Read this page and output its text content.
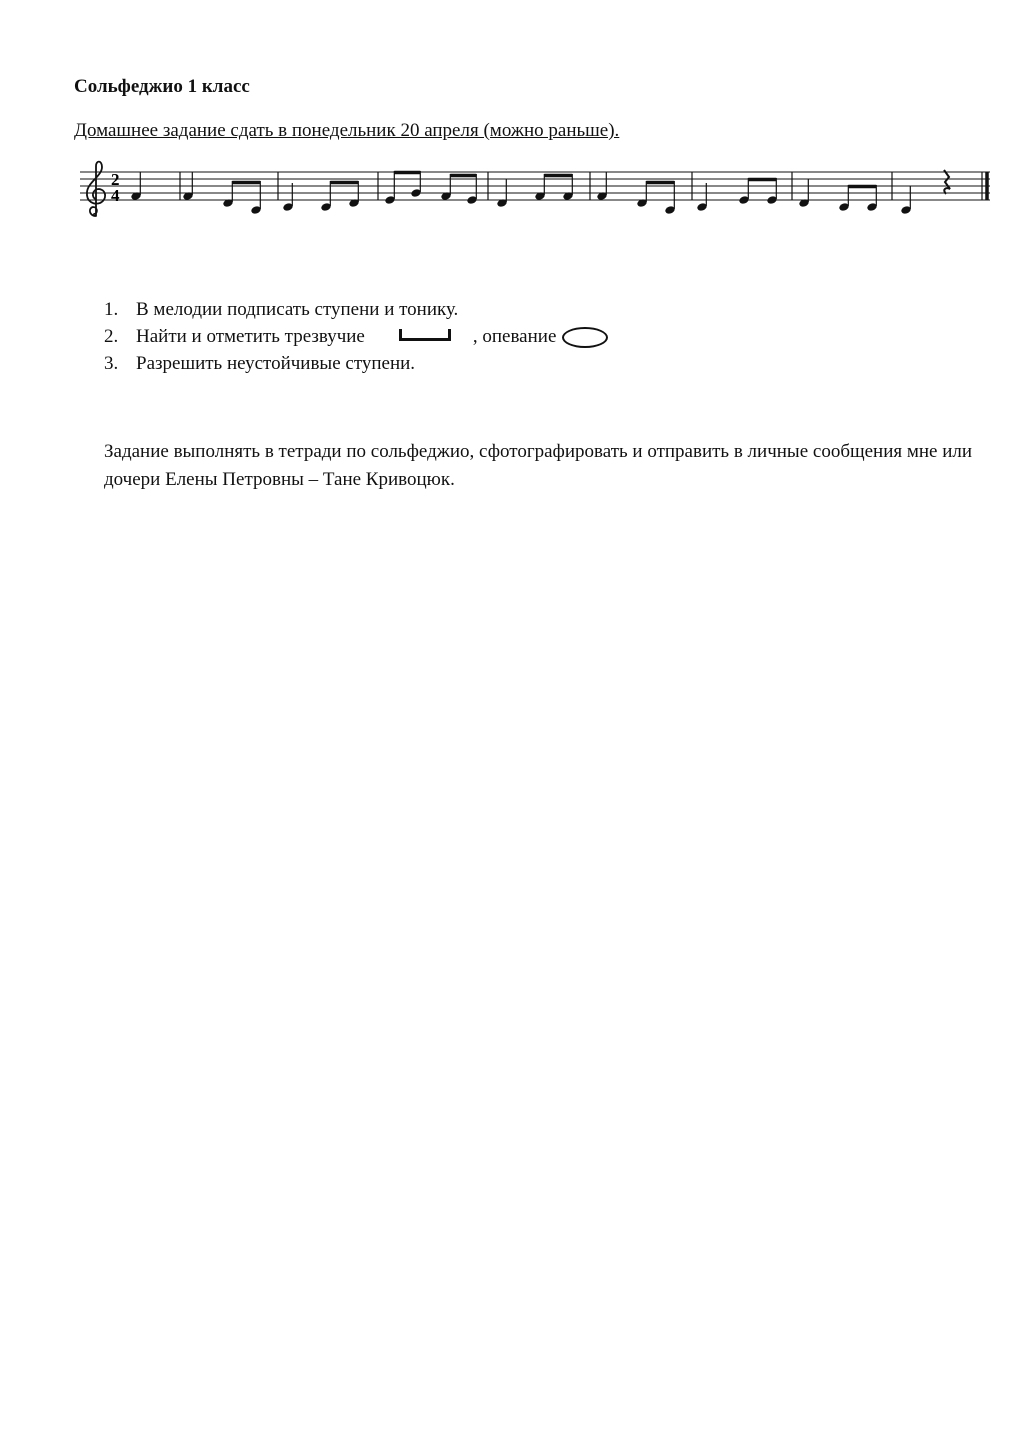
Сольфеджио 1 класс
Домашнее задание сдать в понедельник 20 апреля (можно раньше).
2
4
1. В мелодии подписать ступени и тонику.
2. Найти и отметить трезвучие	, опевание
3. Разрешить неустойчивые ступени.
Задание выполнять в тетради по сольфеджио, сфотографировать и отправить в личные сообщения мне или дочери Елены Петровны – Тане Кривоцюк.
